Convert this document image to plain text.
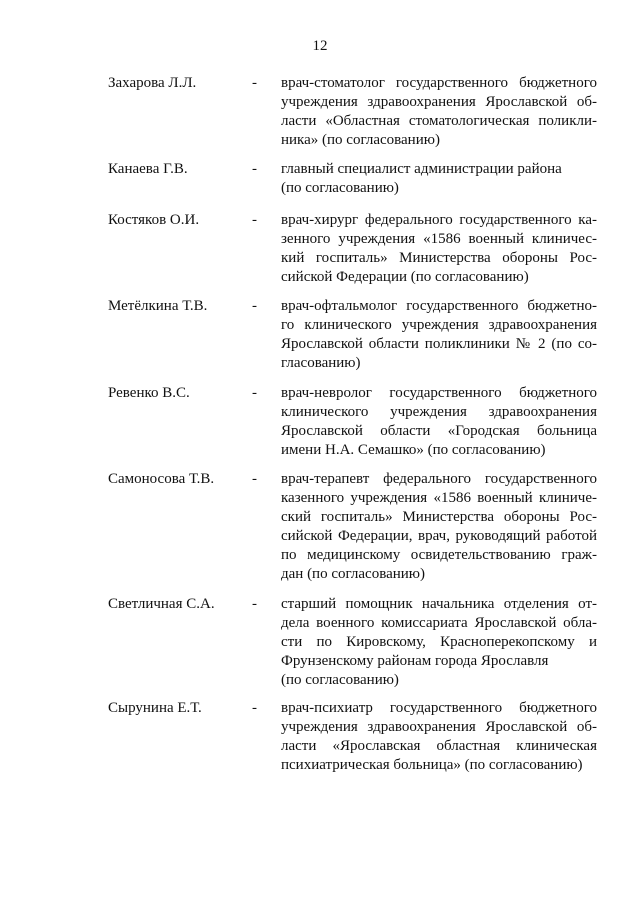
12
Захарова Л.Л.	- врач-стоматолог государственного бюджетного
учреждения здравоохранения Ярославской об-
ласти «Областная стоматологическая поликли-
ника» (по согласованию)
Канаева Г.В.	- главный специалист администрации района
(по согласованию)
Костяков О.И.	- врач-хирург федерального государственного ка-
зенного учреждения «1586 военный клиничес-
кий госпиталь» Министерства обороны Рос-
сийской Федерации (по согласованию)
Метёлкина Т.В.	- врач-офтальмолог государственного бюджетно-
го клинического учреждения здравоохранения
Ярославской области поликлиники № 2 (по со-
гласованию)
Ревенко В.С.	- врач-невролог государственного бюджетного
клинического учреждения здравоохранения
Ярославской области «Городская больница
имени Н.А. Семашко» (по согласованию)
Самоносова Т.В.	- врач-терапевт федерального государственного
казенного учреждения «1586 военный клиниче-
ский госпиталь» Министерства обороны Рос-
сийской Федерации, врач, руководящий работой
по медицинскому освидетельствованию граж-
дан (по согласованию)
Светличная С.А. - старший помощник начальника отделения от-
дела военного комиссариата Ярославской обла-
сти по Кировскому, Красноперекопскому и
Фрунзенскому районам города Ярославля
(по согласованию)
Сырунина Е.Т.	- врач-психиатр государственного бюджетного
учреждения здравоохранения Ярославской об-
ласти «Ярославская областная клиническая
психиатрическая больница» (по согласованию)
